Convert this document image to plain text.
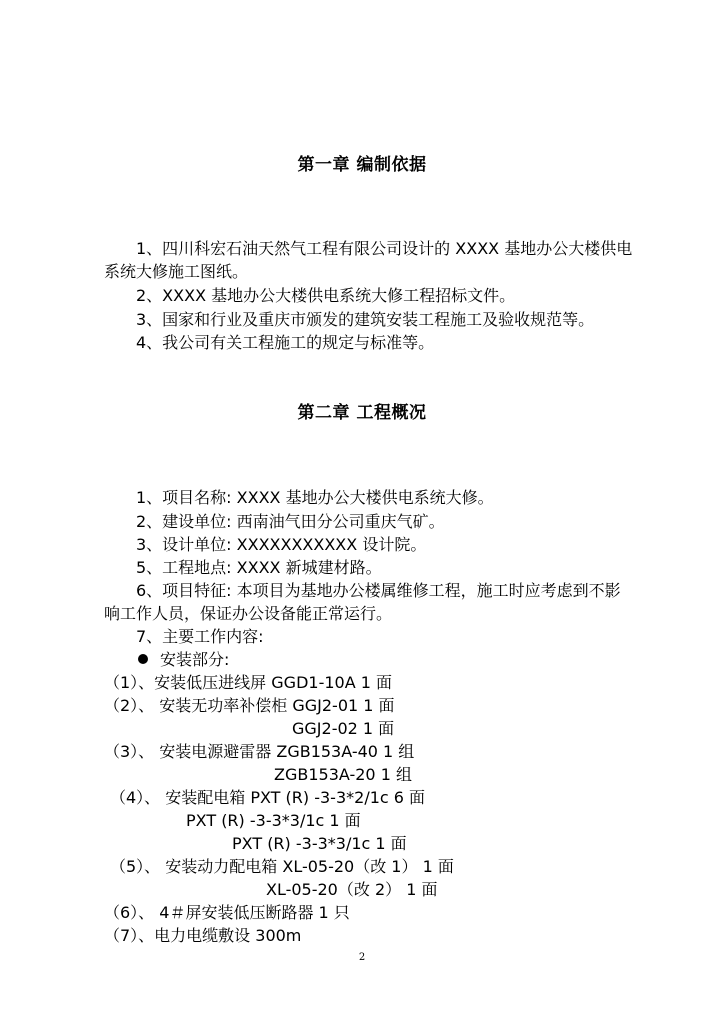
第一章 编制依据
1、四川科宏石油天然气工程有限公司设计的 XXXX 基地办公大楼供电
系统大修施工图纸。
2、XXXX 基地办公大楼供电系统大修工程招标文件。
3、国家和行业及重庆市颁发的建筑安装工程施工及验收规范等。
4、我公司有关工程施工的规定与标准等。
第二章 工程概况
1、项目名称: XXXX 基地办公大楼供电系统大修。
2、建设单位: 西南油气田分公司重庆气矿。
3、设计单位: XXXXXXXXXXX 设计院。
5、工程地点: XXXX 新城建材路。
6、项目特征: 本项目为基地办公楼属维修工程，施工时应考虑到不影
响工作人员，保证办公设备能正常运行。
7、主要工作内容:
安装部分:
（1）、安装低压进线屏 GGD1-10A 1 面
（2）、 安装无功率补偿柜 GGJ2-01 1 面
GGJ2-02 1 面
（3）、 安装电源避雷器 ZGB153A-40 1 组
ZGB153A-20 1 组
（4）、 安装配电箱 PXT (R) -3-3*2/1c 6 面
PXT (R) -3-3*3/1c 1 面
PXT (R) -3-3*3/1c 1 面
（5）、 安装动力配电箱 XL-05-20（改 1） 1 面
XL-05-20（改 2） 1 面
（6）、 4＃屏安装低压断路器 1 只
（7）、电力电缆敷设 300m
2
